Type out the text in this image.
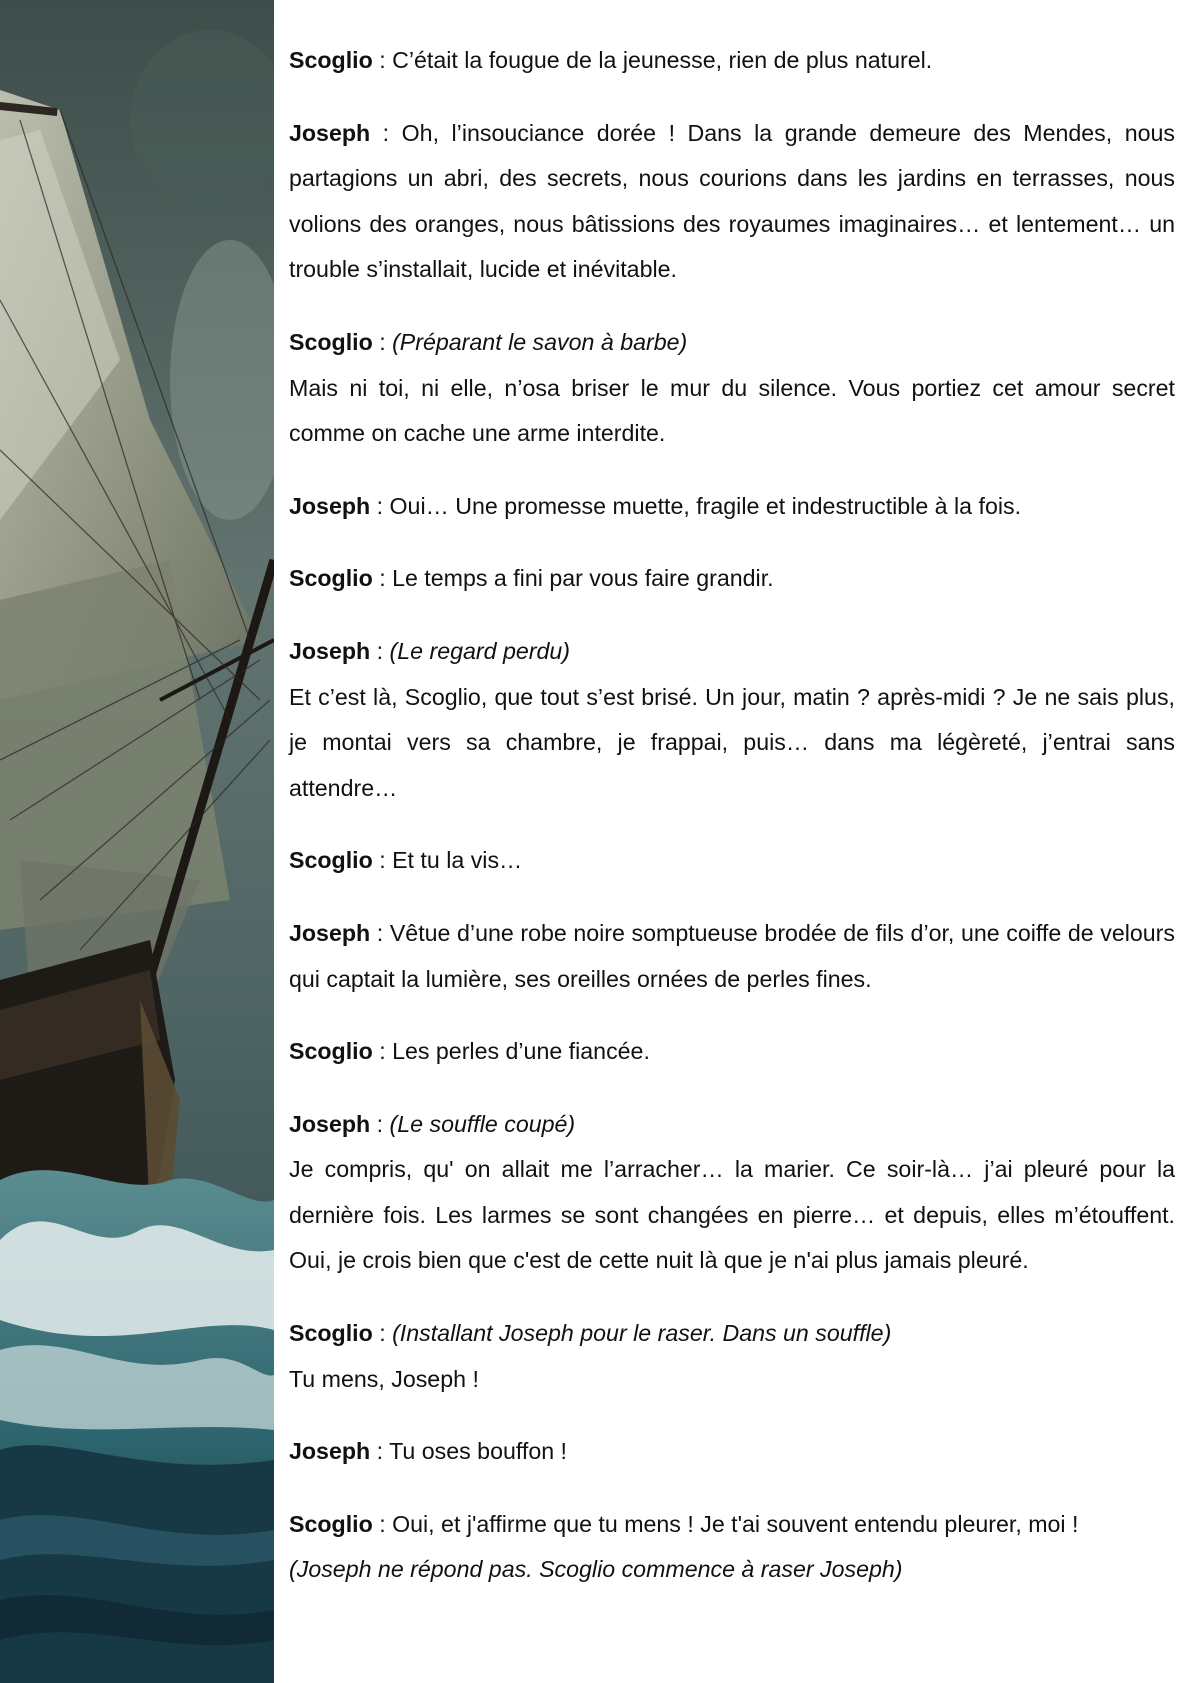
Scoglio : C’était la fougue de la jeunesse, rien de plus naturel.

Joseph : Oh, l’insouciance dorée ! Dans la grande demeure des Mendes, nous partagions un abri, des secrets, nous courions dans les jardins en terrasses, nous volions des oranges, nous bâtissions des royaumes imaginaires… et lentement… un trouble s’installait, lucide et inévitable.

Scoglio : (Préparant le savon à barbe)
Mais ni toi, ni elle, n’osa briser le mur du silence. Vous portiez cet amour secret comme on cache une arme interdite.

Joseph : Oui… Une promesse muette, fragile et indestructible à la fois.

Scoglio : Le temps a fini par vous faire grandir.

Joseph : (Le regard perdu)
Et c’est là, Scoglio, que tout s’est brisé. Un jour, matin ? après-midi ? Je ne sais plus, je montai vers sa chambre, je frappai, puis… dans ma légèreté, j’entrai sans attendre…

Scoglio : Et tu la vis…

Joseph : Vêtue d’une robe noire somptueuse brodée de fils d’or, une coiffe de velours qui captait la lumière, ses oreilles ornées de perles fines.

Scoglio : Les perles d’une fiancée.

Joseph : (Le souffle coupé)
Je compris, qu' on allait me l’arracher… la marier. Ce soir-là… j’ai pleuré pour la dernière fois. Les larmes se sont changées en pierre… et depuis, elles m’étouffent. Oui, je crois bien que c'est de cette nuit là que je n'ai plus jamais pleuré.

Scoglio : (Installant Joseph pour le raser. Dans un souffle)
Tu mens, Joseph !

Joseph : Tu oses bouffon !

Scoglio : Oui, et j'affirme que tu mens ! Je t'ai souvent entendu pleurer, moi !
(Joseph ne répond pas. Scoglio commence à raser Joseph)
